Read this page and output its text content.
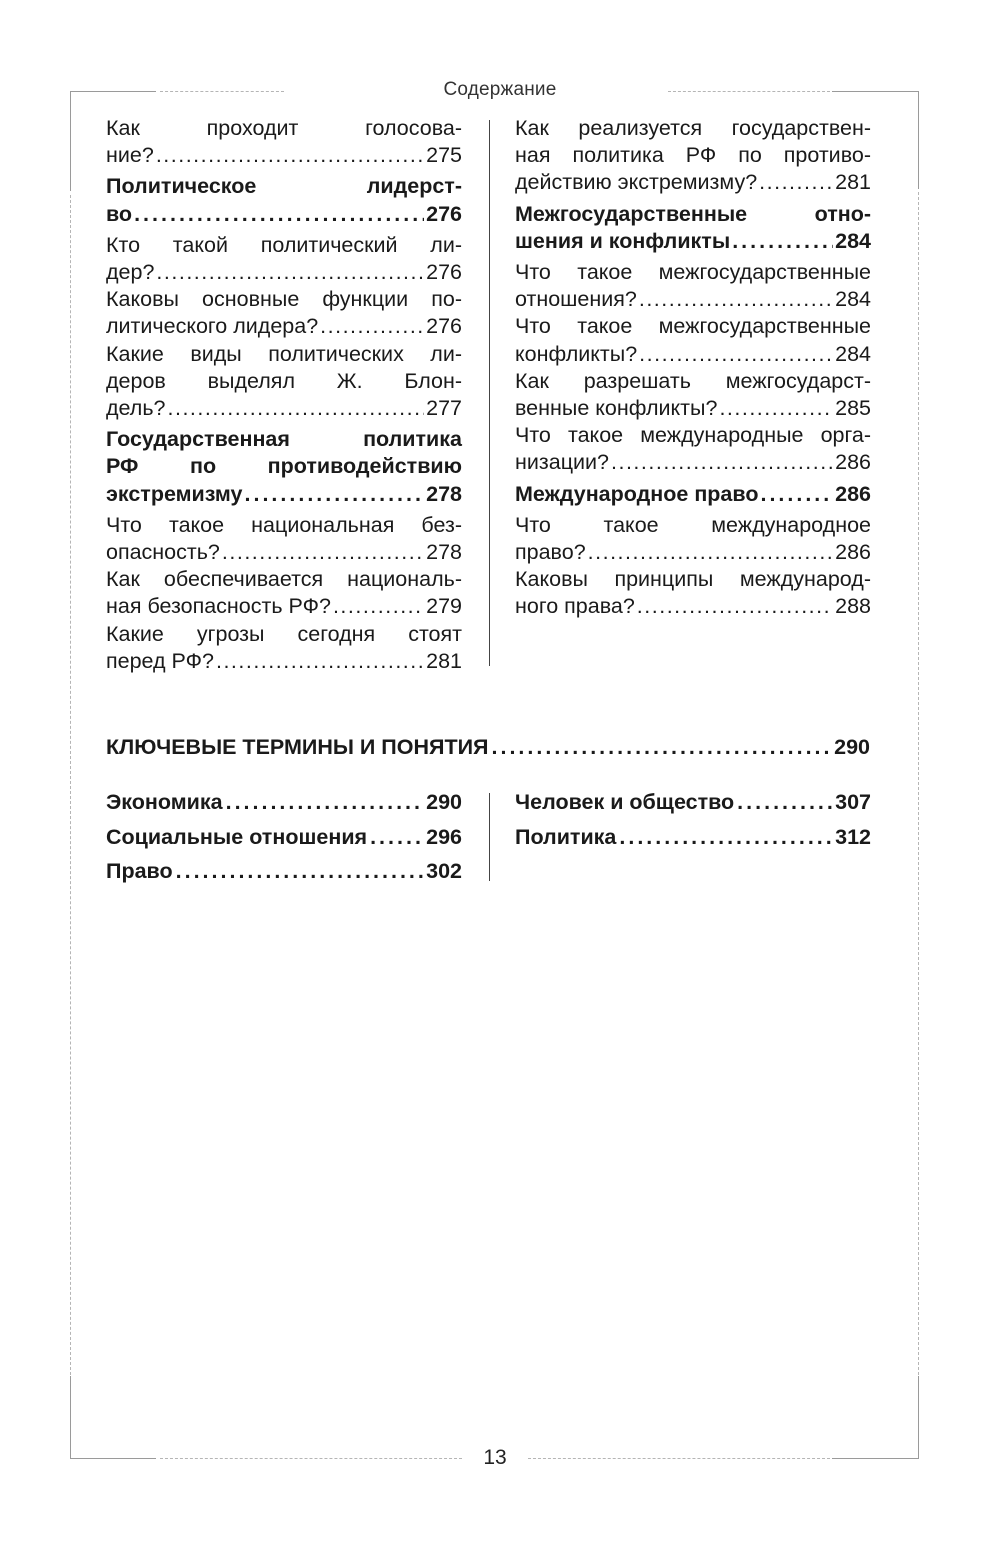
Содержание
Как проходит голосова-
ние? .....	275
Политическое лидерст-
во .....	276
Кто такой политический ли-
дер? .....	276
Каковы основные функции по-
литического лидера? .....	276
Какие виды политических ли-
деров выделял Ж. Блон-
дель? .....	277
Государственная политика
РФ по противодействию
экстремизму .....	278
Что такое национальная без-
опасность? .....	278
Как обеспечивается националь-
ная безопасность РФ? .....	279
Какие угрозы сегодня стоят
перед РФ? .....	281
Как реализуется государствен-
ная политика РФ по противо-
действию экстремизму? .....	281
Межгосударственные отно-
шения и конфликты .....	284
Что такое межгосударственные
отношения? .....	284
Что такое межгосударственные
конфликты? .....	284
Как разрешать межгосударст-
венные конфликты? .....	285
Что такое международные орга-
низации? .....	286
Международное право .....	286
Что такое международное
право? .....	286
Каковы принципы международ-
ного права? .....	288
КЛЮЧЕВЫЕ ТЕРМИНЫ И ПОНЯТИЯ .....	290
Экономика .....	290
Социальные отношения .....	296
Право .....	302
Человек и общество .....	307
Политика .....	312
13
